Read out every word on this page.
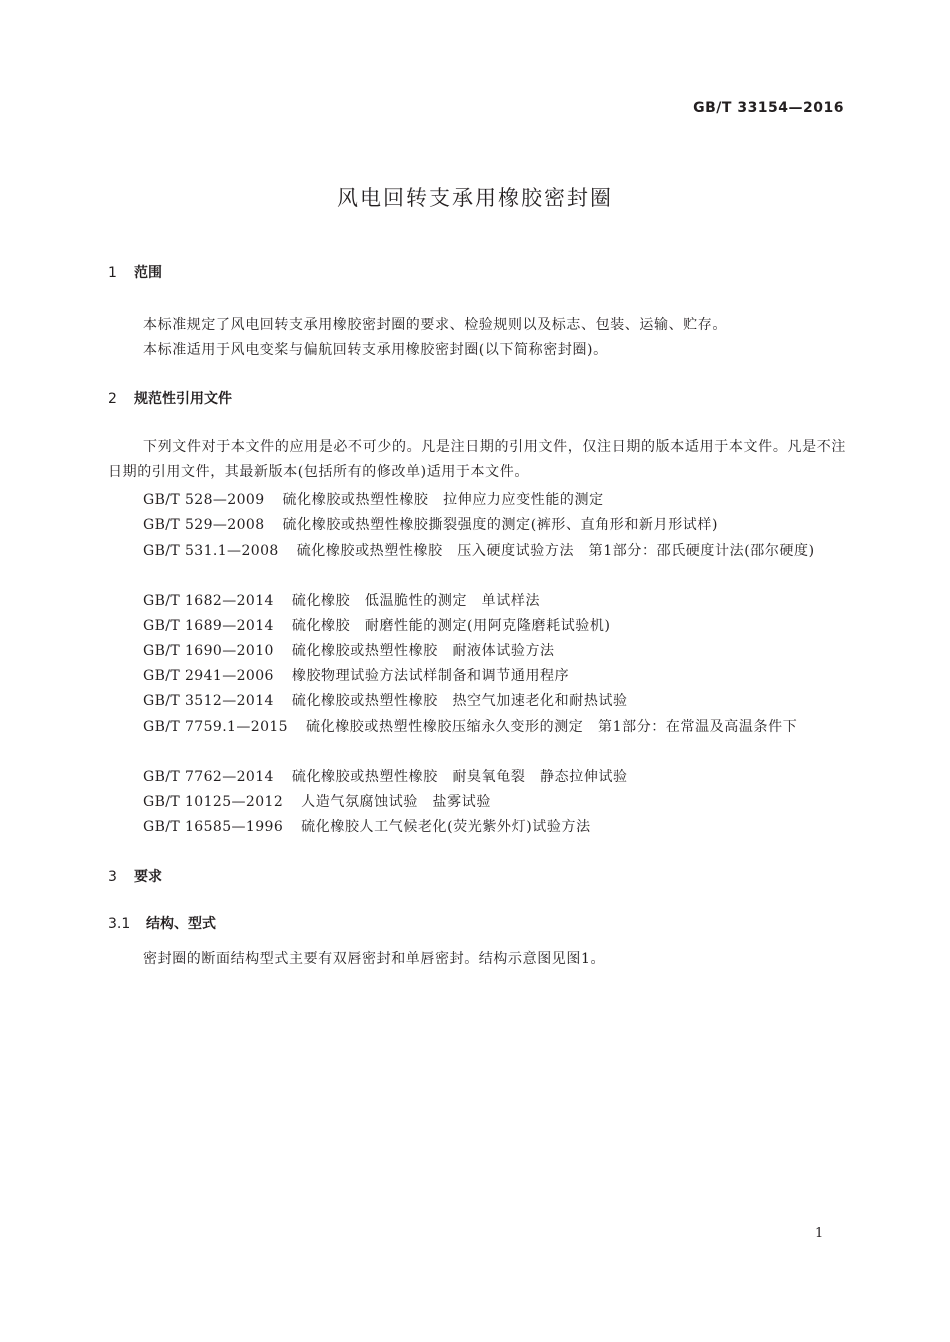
GB/T 33154—2016
风电回转支承用橡胶密封圈
1 范围
本标准规定了风电回转支承用橡胶密封圈的要求、检验规则以及标志、包装、运输、贮存。
本标准适用于风电变桨与偏航回转支承用橡胶密封圈(以下简称密封圈)。
2 规范性引用文件
下列文件对于本文件的应用是必不可少的。凡是注日期的引用文件，仅注日期的版本适用于本文件。凡是不注日期的引用文件，其最新版本(包括所有的修改单)适用于本文件。
GB/T 528—2009 硫化橡胶或热塑性橡胶　拉伸应力应变性能的测定
GB/T 529—2008 硫化橡胶或热塑性橡胶撕裂强度的测定(裤形、直角形和新月形试样)
GB/T 531.1—2008 硫化橡胶或热塑性橡胶　压入硬度试验方法　第1部分：邵氏硬度计法(邵尔硬度)
GB/T 1682—2014 硫化橡胶　低温脆性的测定　单试样法
GB/T 1689—2014 硫化橡胶　耐磨性能的测定(用阿克隆磨耗试验机)
GB/T 1690—2010 硫化橡胶或热塑性橡胶　耐液体试验方法
GB/T 2941—2006 橡胶物理试验方法试样制备和调节通用程序
GB/T 3512—2014 硫化橡胶或热塑性橡胶　热空气加速老化和耐热试验
GB/T 7759.1—2015 硫化橡胶或热塑性橡胶压缩永久变形的测定　第1部分：在常温及高温条件下
GB/T 7762—2014 硫化橡胶或热塑性橡胶　耐臭氧龟裂　静态拉伸试验
GB/T 10125—2012 人造气氛腐蚀试验　盐雾试验
GB/T 16585—1996 硫化橡胶人工气候老化(荧光紫外灯)试验方法
3 要求
3.1 结构、型式
密封圈的断面结构型式主要有双唇密封和单唇密封。结构示意图见图1。
1
